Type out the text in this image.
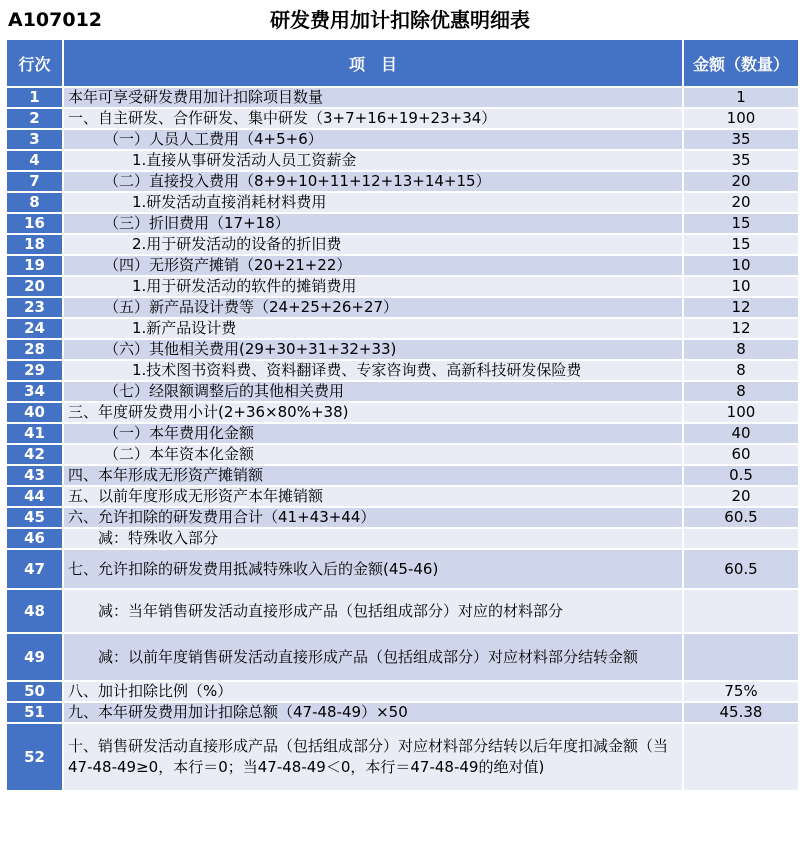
A107012	研发费用加计扣除优惠明细表
行次	项　目	金额（数量）
1	本年可享受研发费用加计扣除项目数量	1
2	一、自主研发、合作研发、集中研发（3+7+16+19+23+34）	100
3	（一）人员人工费用（4+5+6）	35
4	1.直接从事研发活动人员工资薪金	35
7	（二）直接投入费用（8+9+10+11+12+13+14+15）	20
8	1.研发活动直接消耗材料费用	20
16	（三）折旧费用（17+18）	15
18	2.用于研发活动的设备的折旧费	15
19	（四）无形资产摊销（20+21+22）	10
20	1.用于研发活动的软件的摊销费用	10
23	（五）新产品设计费等（24+25+26+27）	12
24	1.新产品设计费	12
28	（六）其他相关费用(29+30+31+32+33)	8
29	1.技术图书资料费、资料翻译费、专家咨询费、高新科技研发保险费	8
34	（七）经限额调整后的其他相关费用	8
40	三、年度研发费用小计(2+36×80%+38)	100
41	（一）本年费用化金额	40
42	（二）本年资本化金额	60
43	四、本年形成无形资产摊销额	0.5
44	五、以前年度形成无形资产本年摊销额	20
45	六、允许扣除的研发费用合计（41+43+44）	60.5
46	减：特殊收入部分	
47	七、允许扣除的研发费用抵减特殊收入后的金额(45-46)	60.5
48	减：当年销售研发活动直接形成产品（包括组成部分）对应的材料部分	
49	减：以前年度销售研发活动直接形成产品（包括组成部分）对应材料部分结转金额	
50	八、加计扣除比例（%）	75%
51	九、本年研发费用加计扣除总额（47-48-49）×50	45.38
52	十、销售研发活动直接形成产品（包括组成部分）对应材料部分结转以后年度扣减金额（当47-48-49≥0，本行＝0；当47-48-49＜0，本行＝47-48-49的绝对值)	
